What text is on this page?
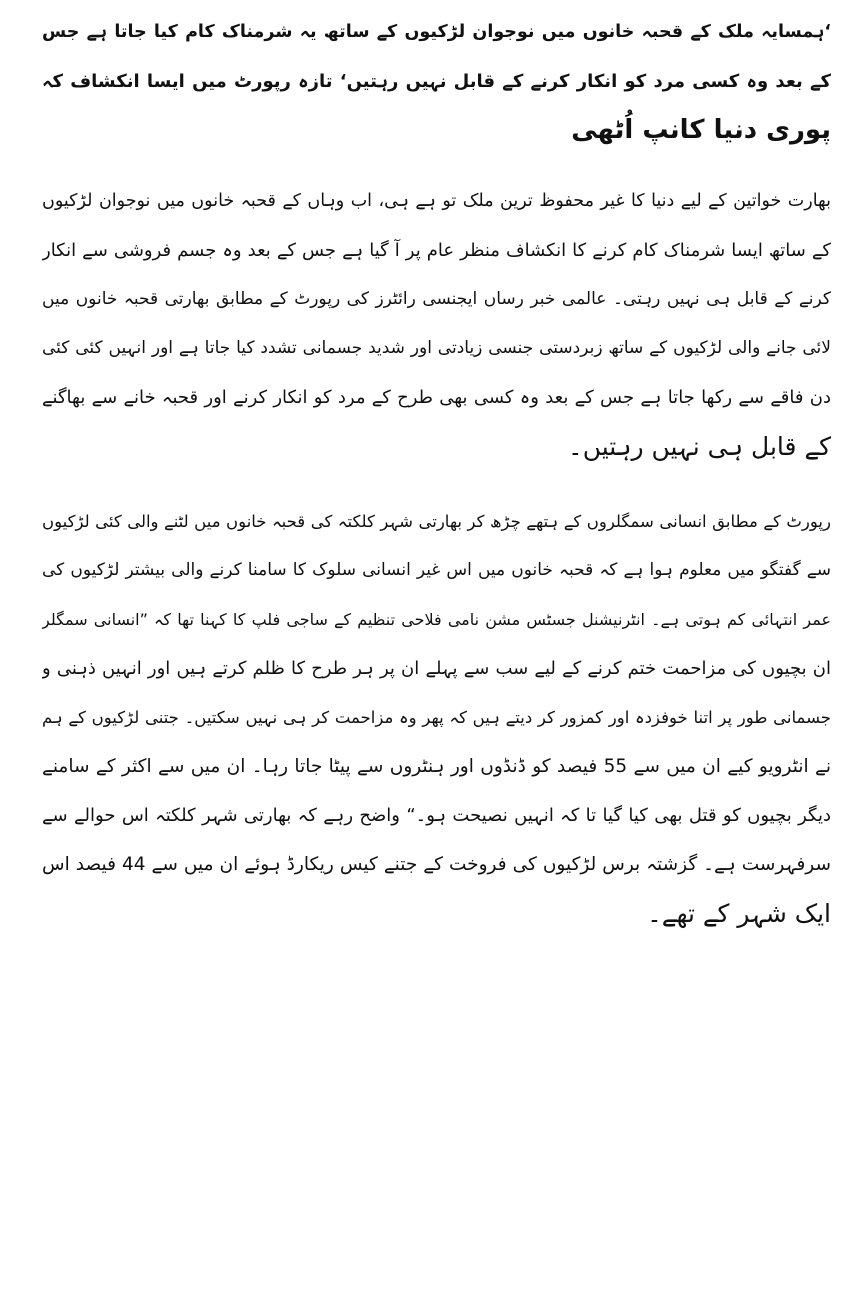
‘ہمسایہ ملک کے قحبہ خانوں میں نوجوان لڑکیوں کے ساتھ یہ شرمناک کام کیا جاتا ہے جس
کے بعد وہ کسی مرد کو انکار کرنے کے قابل نہیں رہتیں‘ تازہ رپورٹ میں ایسا انکشاف کہ
پوری دنیا کانپ اُٹھی
بھارت خواتین کے لیے دنیا کا غیر محفوظ ترین ملک تو ہے ہی، اب وہاں کے قحبہ خانوں میں نوجوان لڑکیوں
کے ساتھ ایسا شرمناک کام کرنے کا انکشاف منظر عام پر آ گیا ہے جس کے بعد وہ جسم فروشی سے انکار
کرنے کے قابل ہی نہیں رہتی۔ عالمی خبر رساں ایجنسی رائٹرز کی رپورٹ کے مطابق بھارتی قحبہ خانوں میں
لائی جانے والی لڑکیوں کے ساتھ زبردستی جنسی زیادتی اور شدید جسمانی تشدد کیا جاتا ہے اور انہیں کئی کئی
دن فاقے سے رکھا جاتا ہے جس کے بعد وہ کسی بھی طرح کے مرد کو انکار کرنے اور قحبہ خانے سے بھاگنے
کے قابل ہی نہیں رہتیں۔
رپورٹ کے مطابق انسانی سمگلروں کے ہتھے چڑھ کر بھارتی شہر کلکتہ کی قحبہ خانوں میں لٹنے والی کئی لڑکیوں
سے گفتگو میں معلوم ہوا ہے کہ قحبہ خانوں میں اس غیر انسانی سلوک کا سامنا کرنے والی بیشتر لڑکیوں کی
عمر انتہائی کم ہوتی ہے۔ انٹرنیشنل جسٹس مشن نامی فلاحی تنظیم کے ساجی فلپ کا کہنا تھا کہ ”انسانی سمگلر
ان بچیوں کی مزاحمت ختم کرنے کے لیے سب سے پہلے ان پر ہر طرح کا ظلم کرتے ہیں اور انہیں ذہنی و
جسمانی طور پر اتنا خوفزدہ اور کمزور کر دیتے ہیں کہ پھر وہ مزاحمت کر ہی نہیں سکتیں۔ جتنی لڑکیوں کے ہم
نے انٹرویو کیے ان میں سے 55 فیصد کو ڈنڈوں اور ہنٹروں سے پیٹا جاتا رہا۔ ان میں سے اکثر کے سامنے
دیگر بچیوں کو قتل بھی کیا گیا تا کہ انہیں نصیحت ہو۔“ واضح رہے کہ بھارتی شہر کلکتہ اس حوالے سے
سرفہرست ہے۔ گزشتہ برس لڑکیوں کی فروخت کے جتنے کیس ریکارڈ ہوئے ان میں سے 44 فیصد اس
ایک شہر کے تھے۔
